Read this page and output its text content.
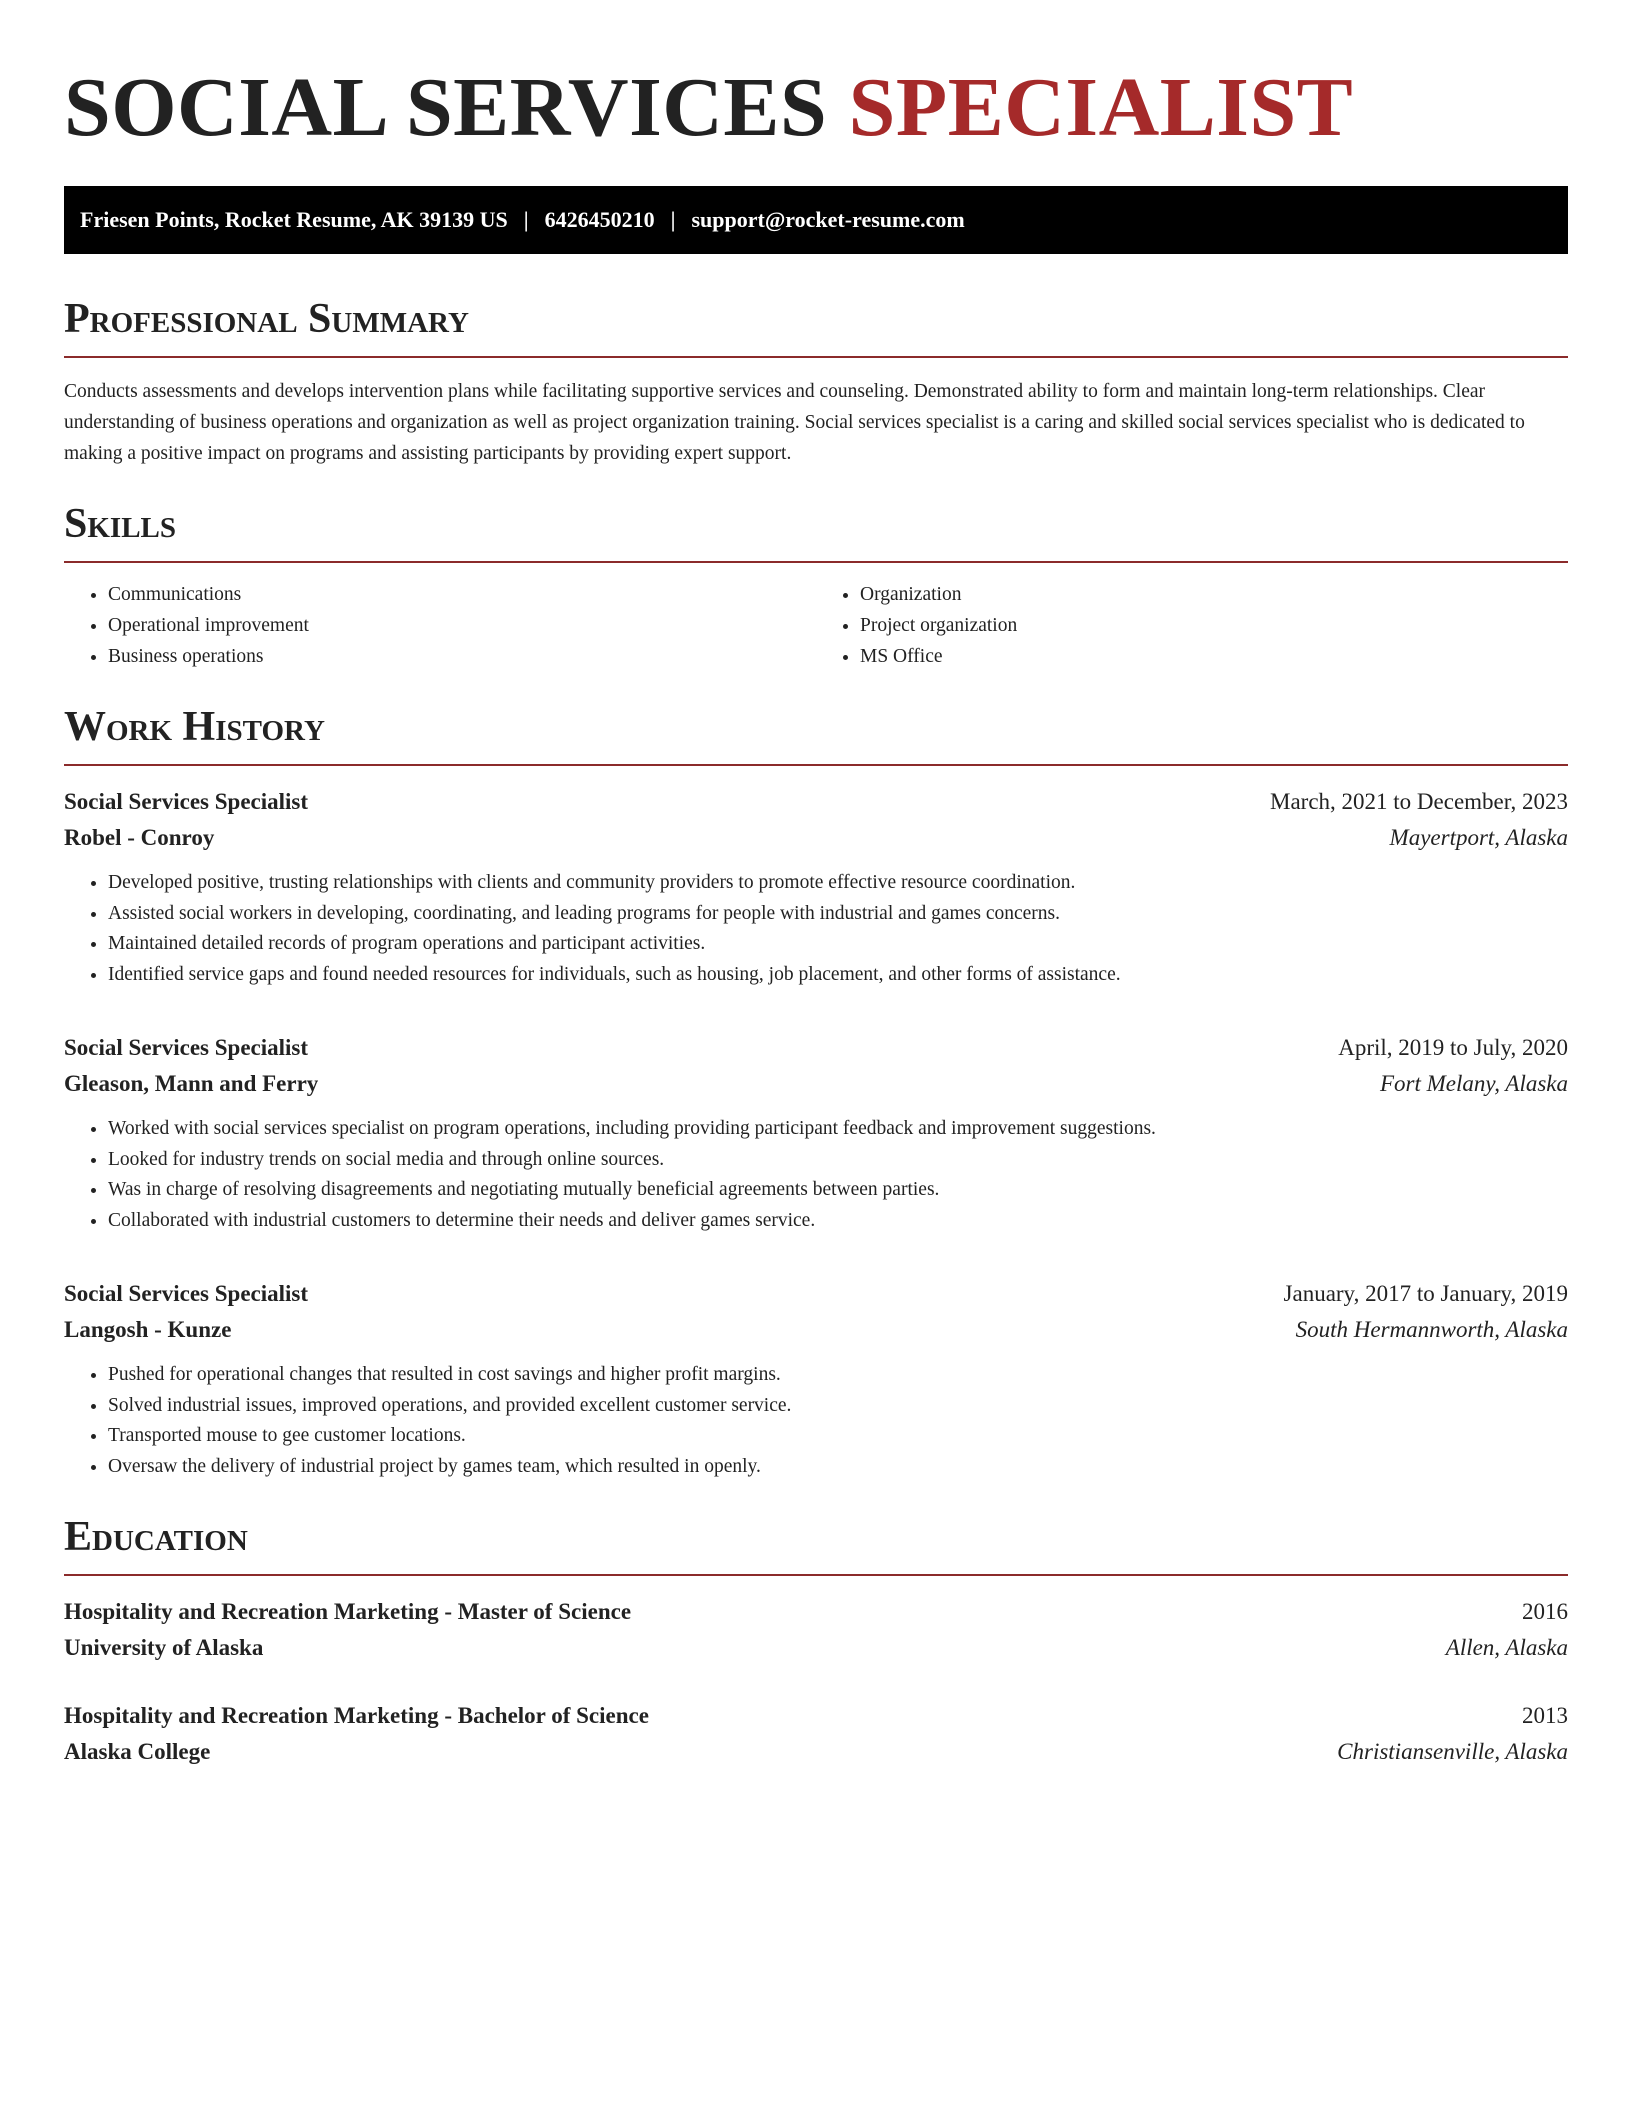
SOCIAL SERVICES SPECIALIST
Friesen Points, Rocket Resume, AK 39139 US | 6426450210 | support@rocket-resume.com
Professional Summary

Conducts assessments and develops intervention plans while facilitating supportive services and counseling. Demonstrated ability to form and maintain long-term relationships. Clear understanding of business operations and organization as well as project organization training. Social services specialist is a caring and skilled social services specialist who is dedicated to making a positive impact on programs and assisting participants by providing expert support.

Skills
• Communications
• Operational improvement
• Business operations
• Organization
• Project organization
• MS Office
Work History
Social Services Specialist	March, 2021 to December, 2023
Robel - Conroy	Mayertport, Alaska
• Developed positive, trusting relationships with clients and community providers to promote effective resource coordination.
• Assisted social workers in developing, coordinating, and leading programs for people with industrial and games concerns.
• Maintained detailed records of program operations and participant activities.
• Identified service gaps and found needed resources for individuals, such as housing, job placement, and other forms of assistance.
Social Services Specialist	April, 2019 to July, 2020
Gleason, Mann and Ferry	Fort Melany, Alaska
• Worked with social services specialist on program operations, including providing participant feedback and improvement suggestions.
• Looked for industry trends on social media and through online sources.
• Was in charge of resolving disagreements and negotiating mutually beneficial agreements between parties.
• Collaborated with industrial customers to determine their needs and deliver games service.
Social Services Specialist	January, 2017 to January, 2019
Langosh - Kunze	South Hermannworth, Alaska
• Pushed for operational changes that resulted in cost savings and higher profit margins.
• Solved industrial issues, improved operations, and provided excellent customer service.
• Transported mouse to gee customer locations.
• Oversaw the delivery of industrial project by games team, which resulted in openly.
Education
Hospitality and Recreation Marketing - Master of Science	2016
University of Alaska	Allen, Alaska
Hospitality and Recreation Marketing - Bachelor of Science	2013
Alaska College	Christiansenville, Alaska
